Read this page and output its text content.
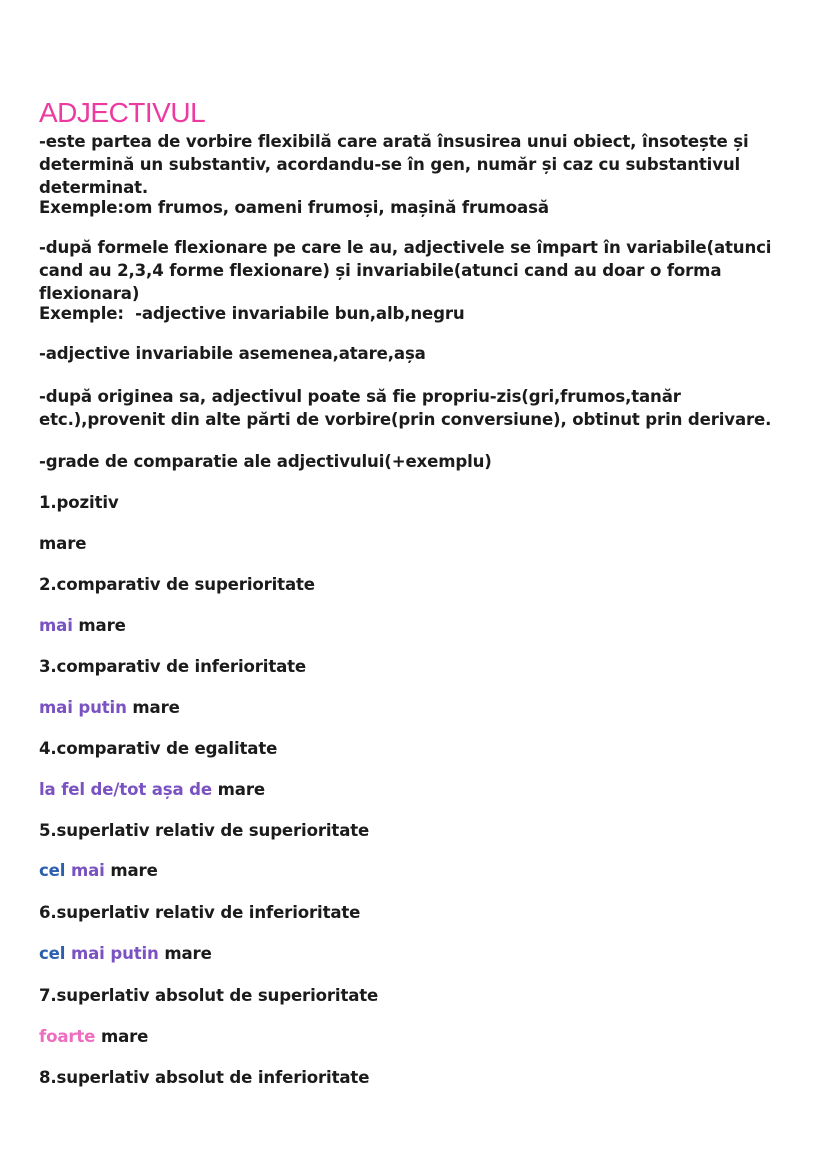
ADJECTIVUL

-este partea de vorbire flexibilă care arată însusirea unui obiect, însotește și determină un substantiv, acordandu-se în gen, număr și caz cu substantivul determinat.

Exemple:om frumos, oameni frumoși, mașină frumoasă

-după formele flexionare pe care le au, adjectivele se împart în variabile(atunci cand au 2,3,4 forme flexionare) și invariabile(atunci cand au doar o forma flexionara)

Exemple:  -adjective invariabile bun,alb,negru

-adjective invariabile asemenea,atare,așa

-după originea sa, adjectivul poate să fie propriu-zis(gri,frumos,tanăr etc.),provenit din alte părti de vorbire(prin conversiune), obtinut prin derivare.

-grade de comparatie ale adjectivului(+exemplu)

1.pozitiv

mare

2.comparativ de superioritate

mai mare

3.comparativ de inferioritate

mai putin mare

4.comparativ de egalitate

la fel de/tot așa de mare

5.superlativ relativ de superioritate

cel mai mare

6.superlativ relativ de inferioritate

cel mai putin mare

7.superlativ absolut de superioritate

foarte mare

8.superlativ absolut de inferioritate
